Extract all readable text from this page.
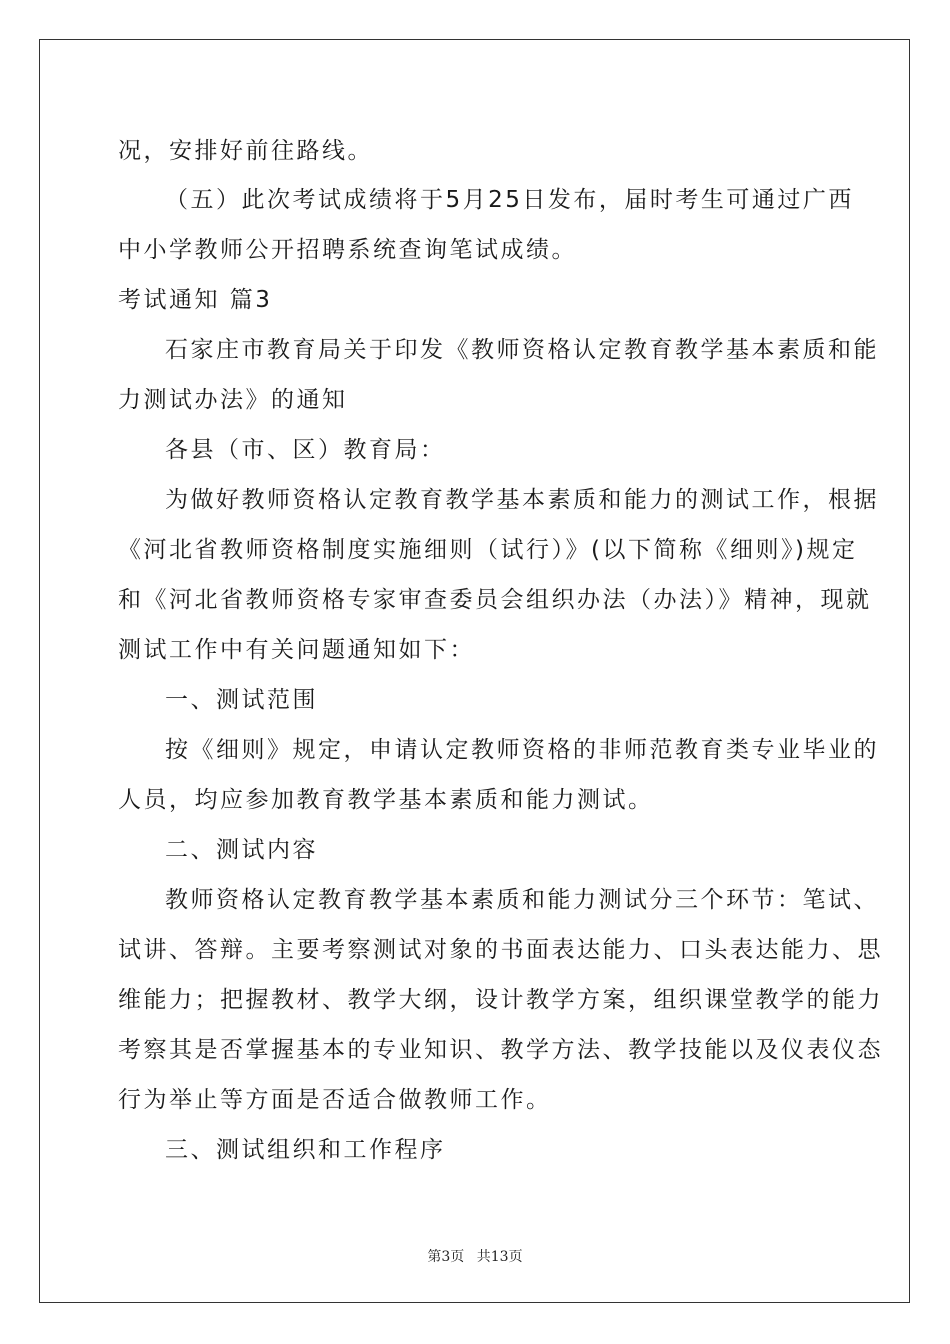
况，安排好前往路线。
（五）此次考试成绩将于5月25日发布，届时考生可通过广西
中小学教师公开招聘系统查询笔试成绩。
考试通知 篇3
石家庄市教育局关于印发《教师资格认定教育教学基本素质和能
力测试办法》的通知
各县（市、区）教育局：
为做好教师资格认定教育教学基本素质和能力的测试工作，根据
《河北省教师资格制度实施细则（试行）》(以下简称《细则》)规定
和《河北省教师资格专家审查委员会组织办法（办法）》精神，现就
测试工作中有关问题通知如下：
一、测试范围
按《细则》规定，申请认定教师资格的非师范教育类专业毕业的
人员，均应参加教育教学基本素质和能力测试。
二、测试内容
教师资格认定教育教学基本素质和能力测试分三个环节：笔试、
试讲、答辩。主要考察测试对象的书面表达能力、口头表达能力、思
维能力；把握教材、教学大纲，设计教学方案，组织课堂教学的能力
考察其是否掌握基本的专业知识、教学方法、教学技能以及仪表仪态
行为举止等方面是否适合做教师工作。
三、测试组织和工作程序
第3页 共13页
